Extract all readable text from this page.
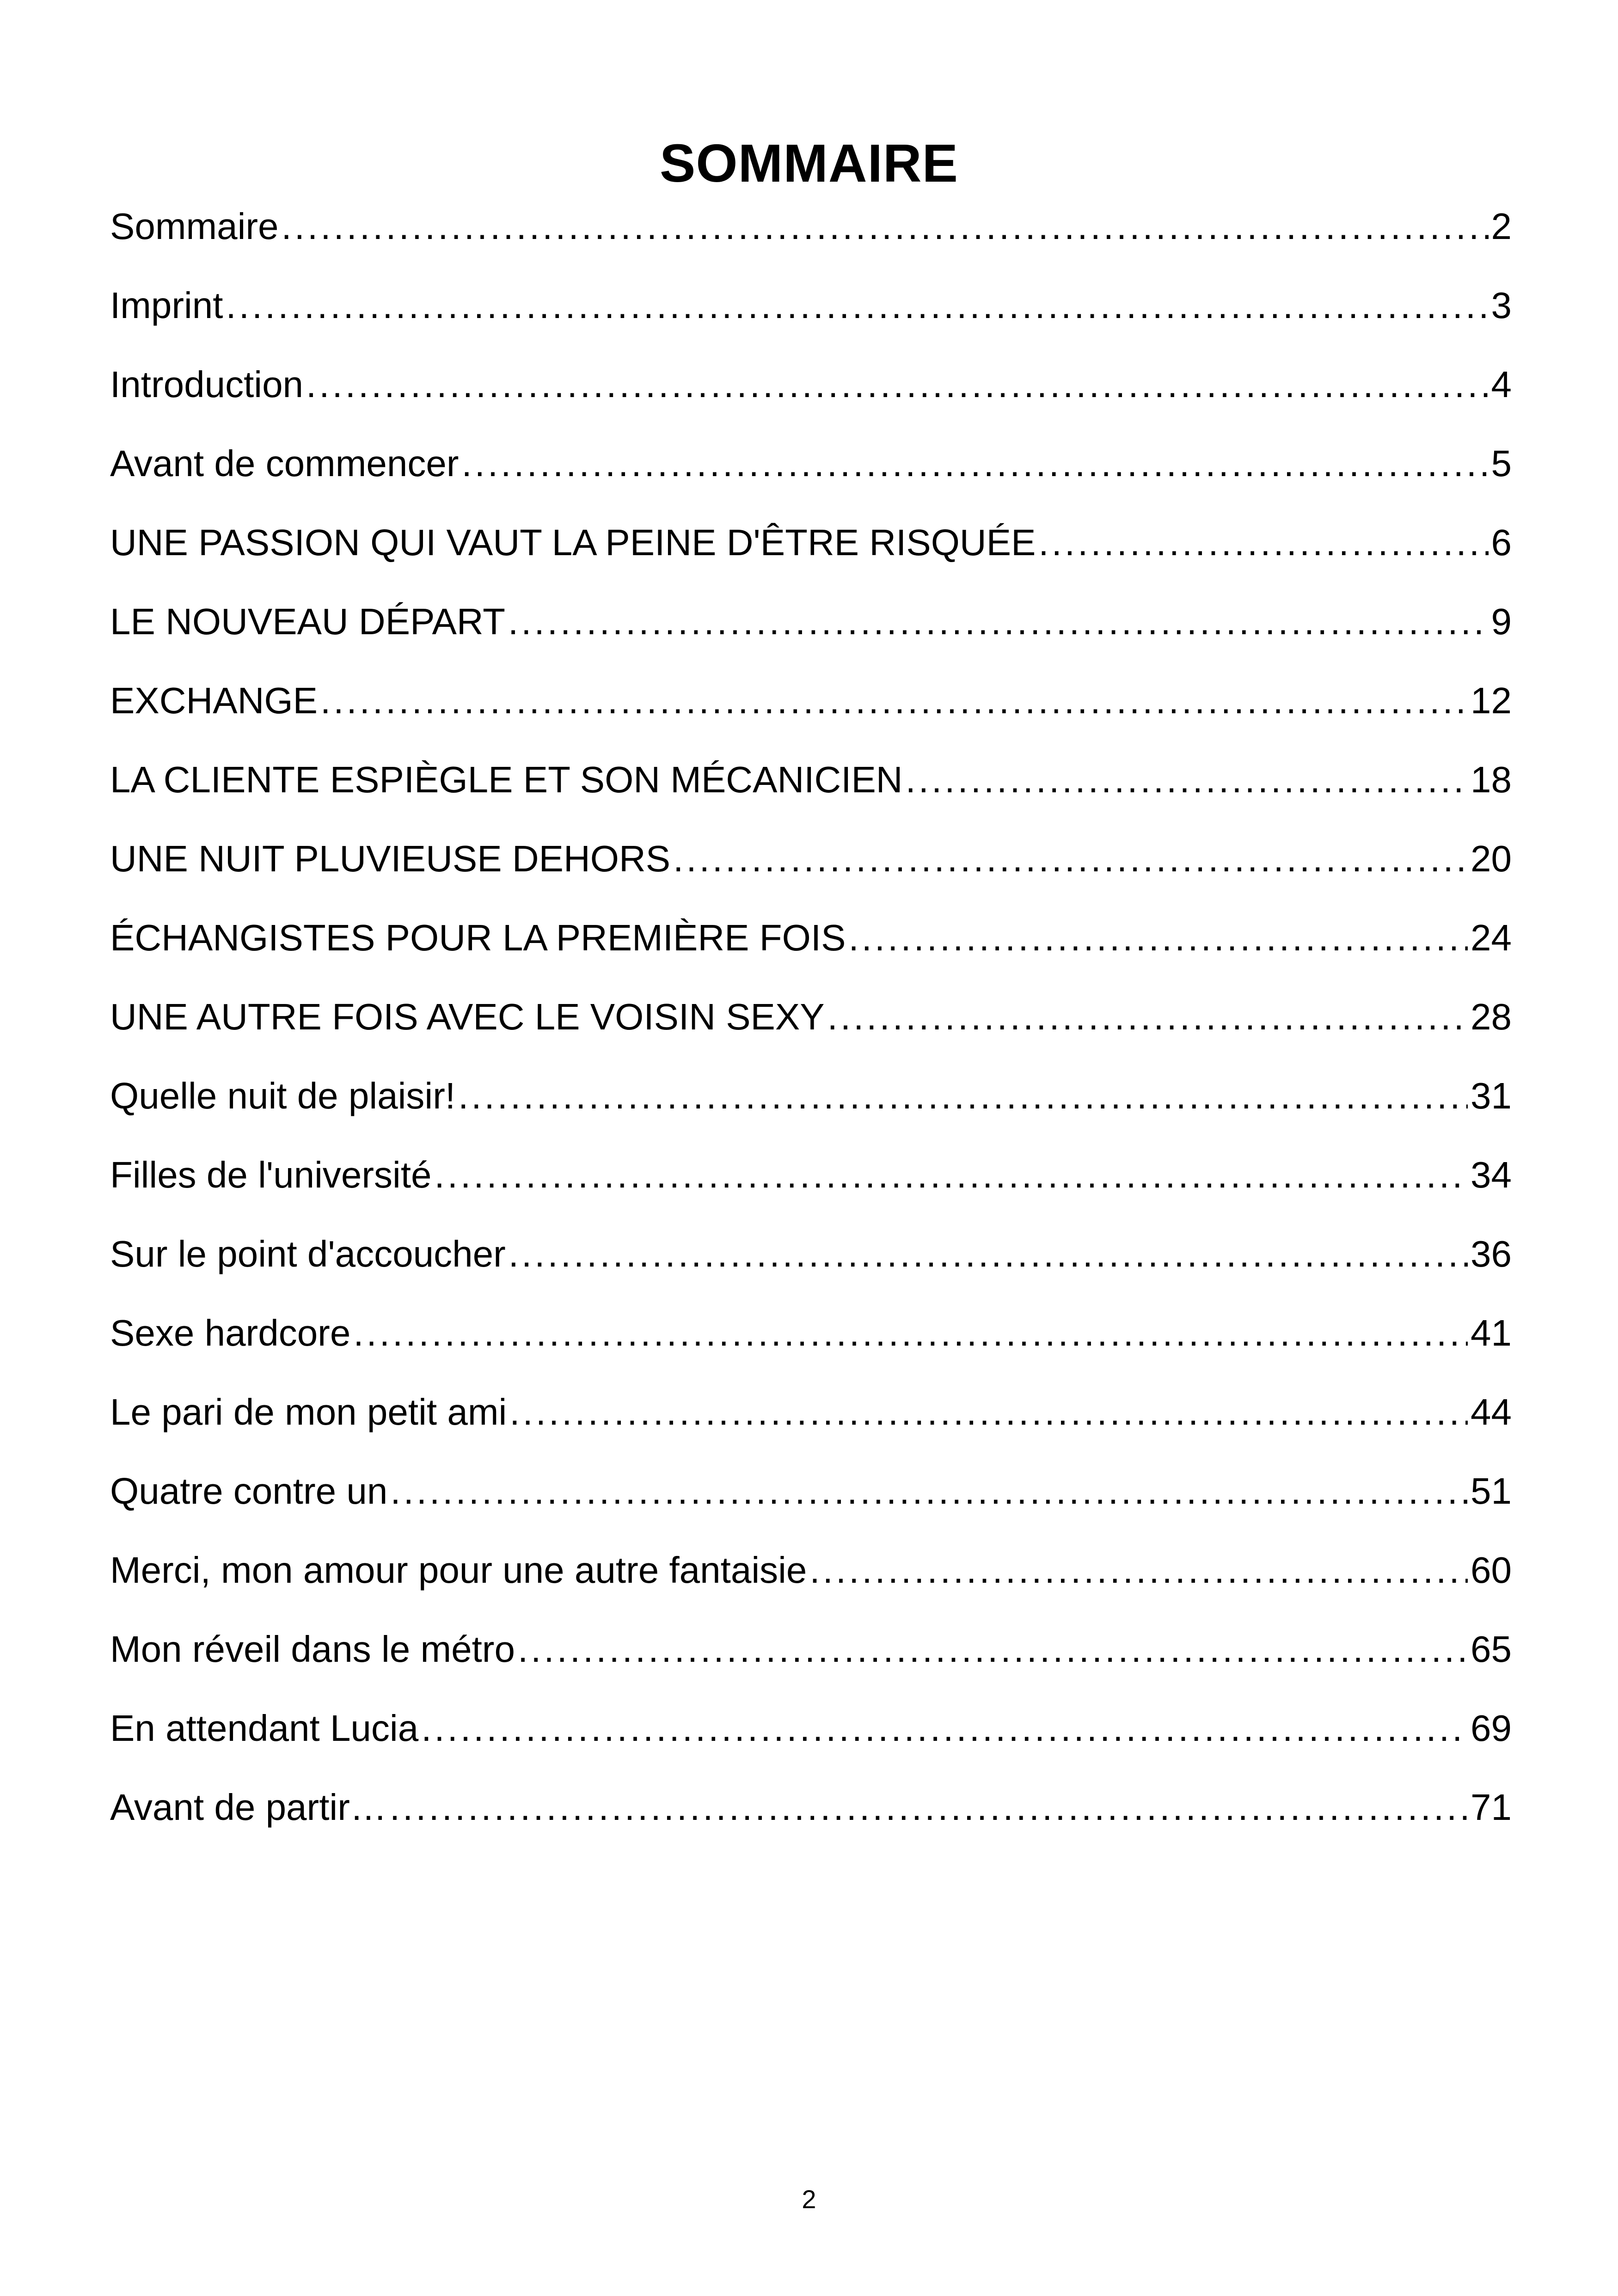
SOMMAIRE
Sommaire .....	2
Imprint .....	3
Introduction .....	4
Avant de commencer .....	5
UNE PASSION QUI VAUT LA PEINE D'ÊTRE RISQUÉE .....	6
LE NOUVEAU DÉPART .....	9
EXCHANGE .....	12
LA CLIENTE ESPIÈGLE ET SON MÉCANICIEN .....	18
UNE NUIT PLUVIEUSE DEHORS .....	20
ÉCHANGISTES POUR LA PREMIÈRE FOIS .....	24
UNE AUTRE FOIS AVEC LE VOISIN SEXY .....	28
Quelle nuit de plaisir! .....	31
Filles de l'université .....	34
Sur le point d'accoucher .....	36
Sexe hardcore .....	41
Le pari de mon petit ami .....	44
Quatre contre un .....	51
Merci, mon amour pour une autre fantaisie .....	60
Mon réveil dans le métro .....	65
En attendant Lucia .....	69
Avant de partir… .....	71
2
